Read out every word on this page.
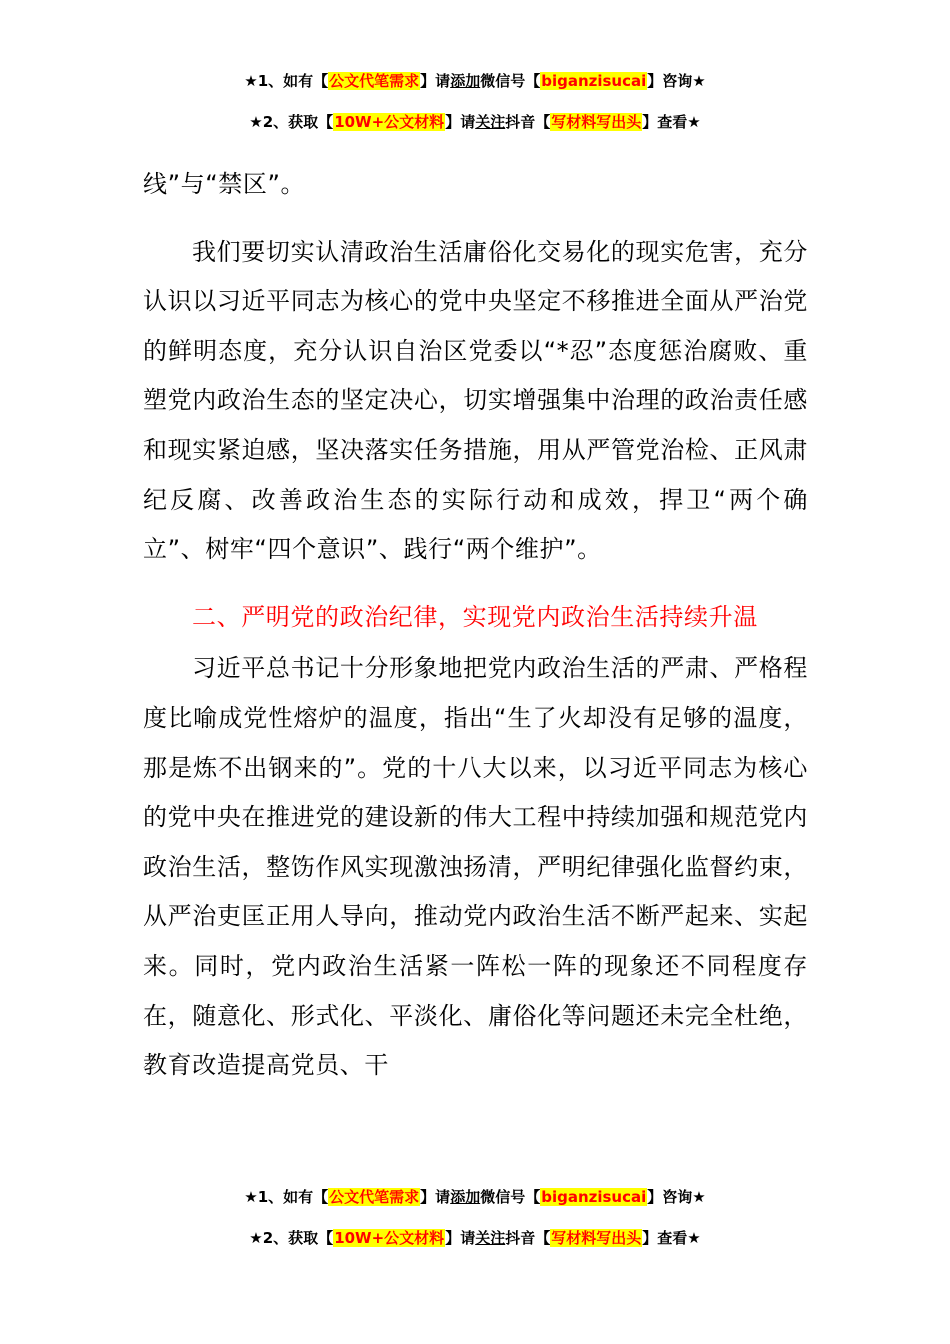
★1、如有【公文代笔需求】请添加微信号【biganzisucai】咨询★
★2、获取【10W+公文材料】请关注抖音【写材料写出头】查看★

线”与“禁区”。

我们要切实认清政治生活庸俗化交易化的现实危害，充分认识以习近平同志为核心的党中央坚定不移推进全面从严治党的鲜明态度，充分认识自治区党委以“*忍”态度惩治腐败、重塑党内政治生态的坚定决心，切实增强集中治理的政治责任感和现实紧迫感，坚决落实任务措施，用从严管党治检、正风肃纪反腐、改善政治生态的实际行动和成效，捍卫“两个确立”、树牢“四个意识”、践行“两个维护”。

二、严明党的政治纪律，实现党内政治生活持续升温

习近平总书记十分形象地把党内政治生活的严肃、严格程度比喻成党性熔炉的温度，指出“生了火却没有足够的温度，那是炼不出钢来的”。党的十八大以来，以习近平同志为核心的党中央在推进党的建设新的伟大工程中持续加强和规范党内政治生活，整饬作风实现激浊扬清，严明纪律强化监督约束，从严治吏匡正用人导向，推动党内政治生活不断严起来、实起来。同时，党内政治生活紧一阵松一阵的现象还不同程度存在，随意化、形式化、平淡化、庸俗化等问题还未完全杜绝，教育改造提高党员、干

★1、如有【公文代笔需求】请添加微信号【biganzisucai】咨询★
★2、获取【10W+公文材料】请关注抖音【写材料写出头】查看★
